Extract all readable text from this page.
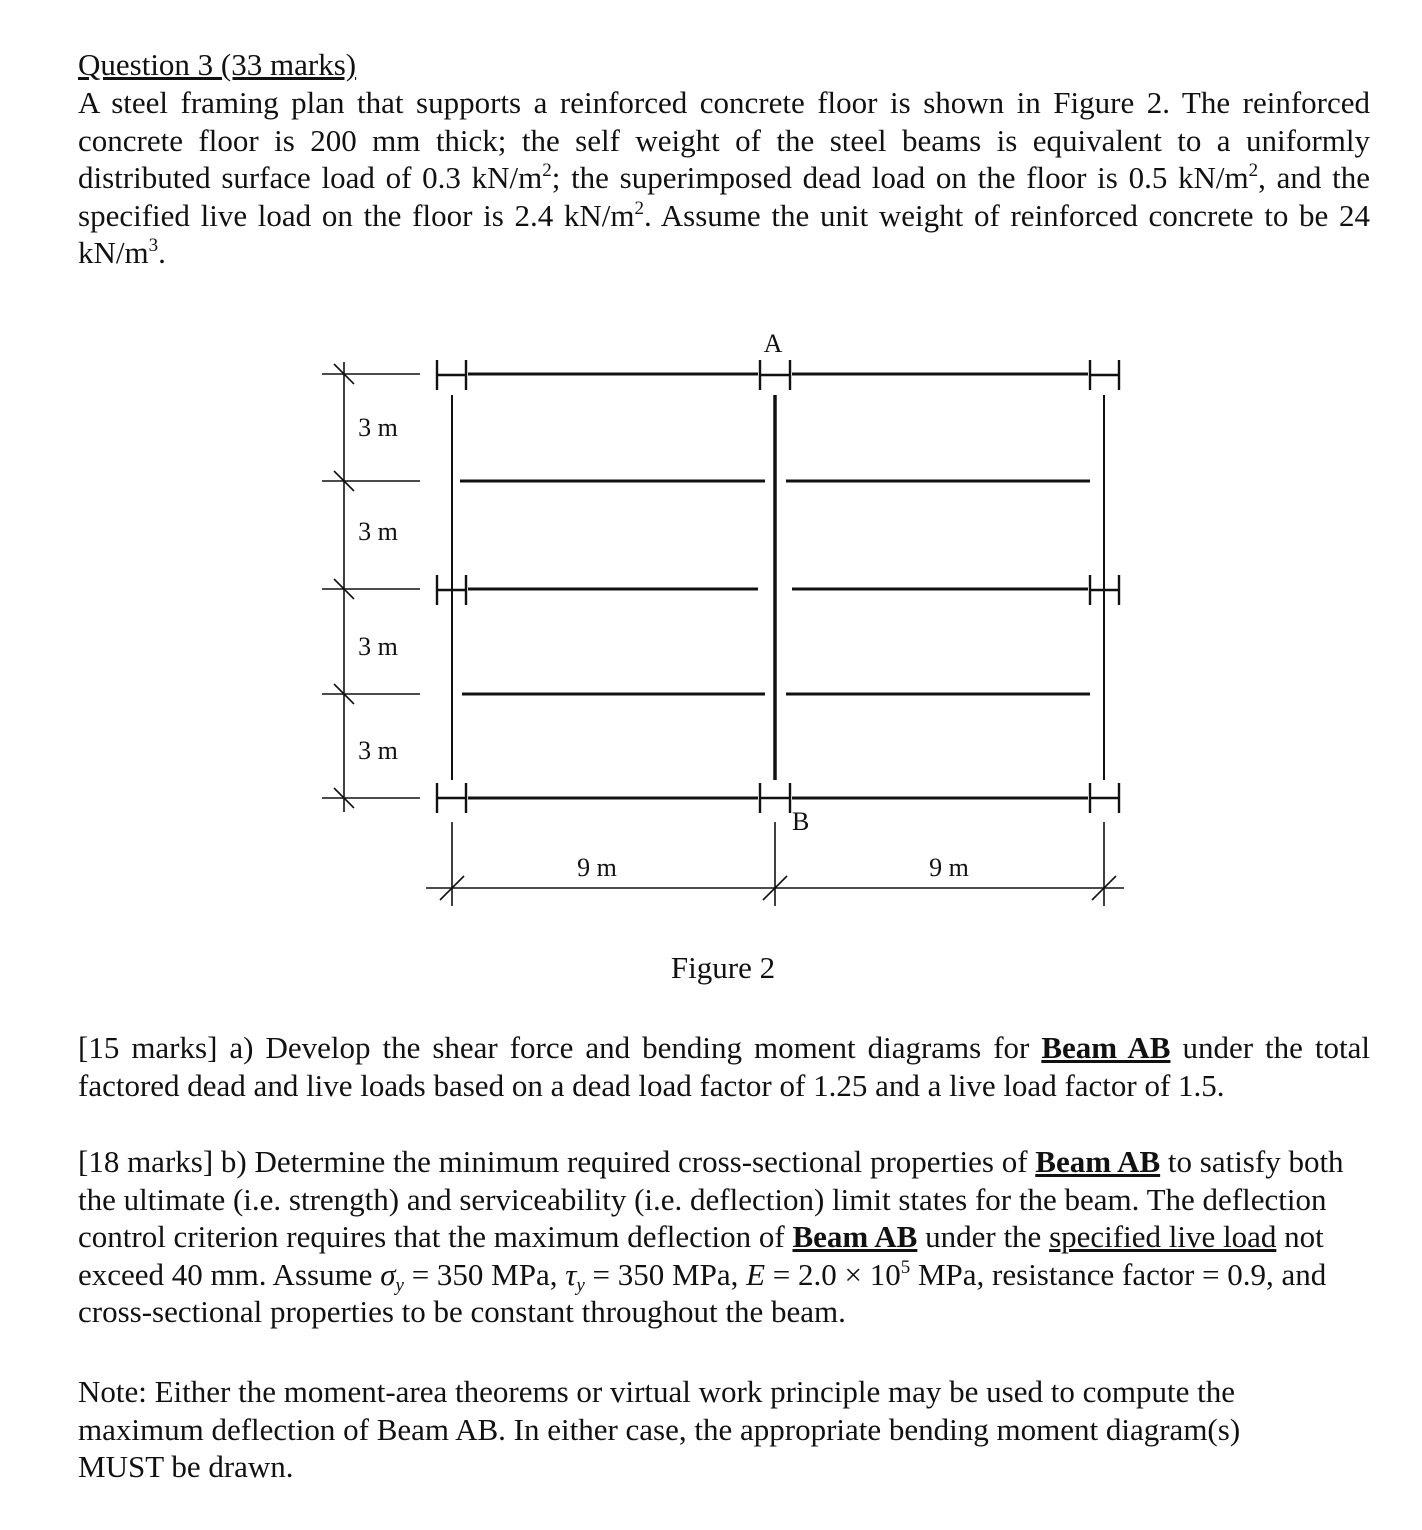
Question 3 (33 marks)

A steel framing plan that supports a reinforced concrete floor is shown in Figure 2. The reinforced concrete floor is 200 mm thick; the self weight of the steel beams is equivalent to a uniformly distributed surface load of 0.3 $kN/m^2$; the superimposed dead load on the floor is 0.5 $kN/m^2$, and the specified live load on the floor is 2.4 $kN/m^2$. Assume the unit weight of reinforced concrete to be 24 $kN/m^3$.

A
B
3 m
3 m
3 m
3 m
9 m	9 m
Figure 2

[15 marks] a) Develop the shear force and bending moment diagrams for Beam AB under the total factored dead and live loads based on a dead load factor of 1.25 and a live load factor of 1.5.

[18 marks] b) Determine the minimum required cross-sectional properties of Beam AB to satisfy both the ultimate (i.e. strength) and serviceability (i.e. deflection) limit states for the beam. The deflection control criterion requires that the maximum deflection of Beam AB under the specified live load not exceed 40 mm. Assume $\sigma_y = 350$ MPa, $\tau_y = 350$ MPa, $E = 2.0 \times 10^5$ MPa, resistance factor = 0.9, and cross-sectional properties to be constant throughout the beam.

Note: Either the moment-area theorems or virtual work principle may be used to compute the maximum deflection of Beam AB. In either case, the appropriate bending moment diagram(s) MUST be drawn.
